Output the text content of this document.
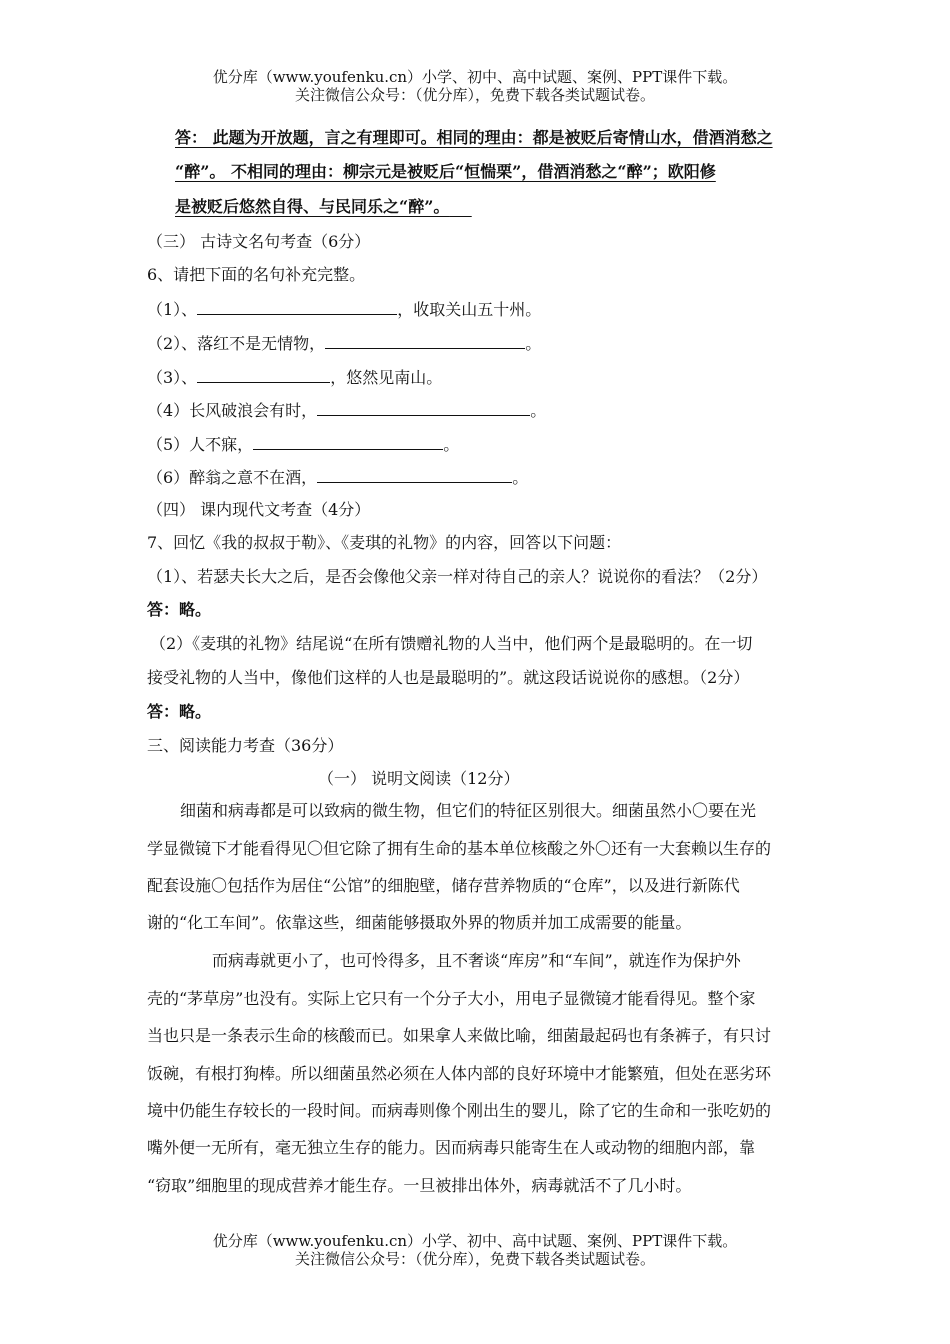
优分库（www.youfenku.cn）小学、初中、高中试题、案例、PPT课件下载。
关注微信公众号：（优分库），免费下载各类试题试卷。
答： 此题为开放题，言之有理即可。相同的理由：都是被贬后寄情山水，借酒消愁之
“醉”。 不相同的理由：柳宗元是被贬后“恒惴栗”，借酒消愁之“醉”；欧阳修
是被贬后悠然自得、与民同乐之“醉”。
（三） 古诗文名句考查（6分）
6、请把下面的名句补充完整。
（1）、	，收取关山五十州。
（2）、落红不是无情物，	。
（3）、	，悠然见南山。
（4）长风破浪会有时，	。
（5）人不寐，	。
（6）醉翁之意不在酒，	。
（四） 课内现代文考查（4分）
7、回忆《我的叔叔于勒》、《麦琪的礼物》的内容，回答以下问题：
（1）、若瑟夫长大之后，是否会像他父亲一样对待自己的亲人？说说你的看法？（2分）
答：略。
（2）《麦琪的礼物》结尾说“在所有馈赠礼物的人当中，他们两个是最聪明的。在一切
接受礼物的人当中，像他们这样的人也是最聪明的”。就这段话说说你的感想。（2分）
答：略。
三、阅读能力考查（36分）
（一） 说明文阅读（12分）
细菌和病毒都是可以致病的微生物，但它们的特征区别很大。细菌虽然小〇要在光
学显微镜下才能看得见〇但它除了拥有生命的基本单位核酸之外〇还有一大套赖以生存的
配套设施〇包括作为居住“公馆”的细胞壁，储存营养物质的“仓库”，以及进行新陈代
谢的“化工车间”。依靠这些，细菌能够摄取外界的物质并加工成需要的能量。
而病毒就更小了，也可怜得多，且不奢谈“库房”和“车间”，就连作为保护外
壳的“茅草房”也没有。实际上它只有一个分子大小，用电子显微镜才能看得见。整个家
当也只是一条表示生命的核酸而已。如果拿人来做比喻，细菌最起码也有条裤子，有只讨
饭碗，有根打狗棒。所以细菌虽然必须在人体内部的良好环境中才能繁殖，但处在恶劣环
境中仍能生存较长的一段时间。而病毒则像个刚出生的婴儿，除了它的生命和一张吃奶的
嘴外便一无所有，毫无独立生存的能力。因而病毒只能寄生在人或动物的细胞内部，靠
“窃取”细胞里的现成营养才能生存。一旦被排出体外，病毒就活不了几小时。
优分库（www.youfenku.cn）小学、初中、高中试题、案例、PPT课件下载。
关注微信公众号：（优分库），免费下载各类试题试卷。
